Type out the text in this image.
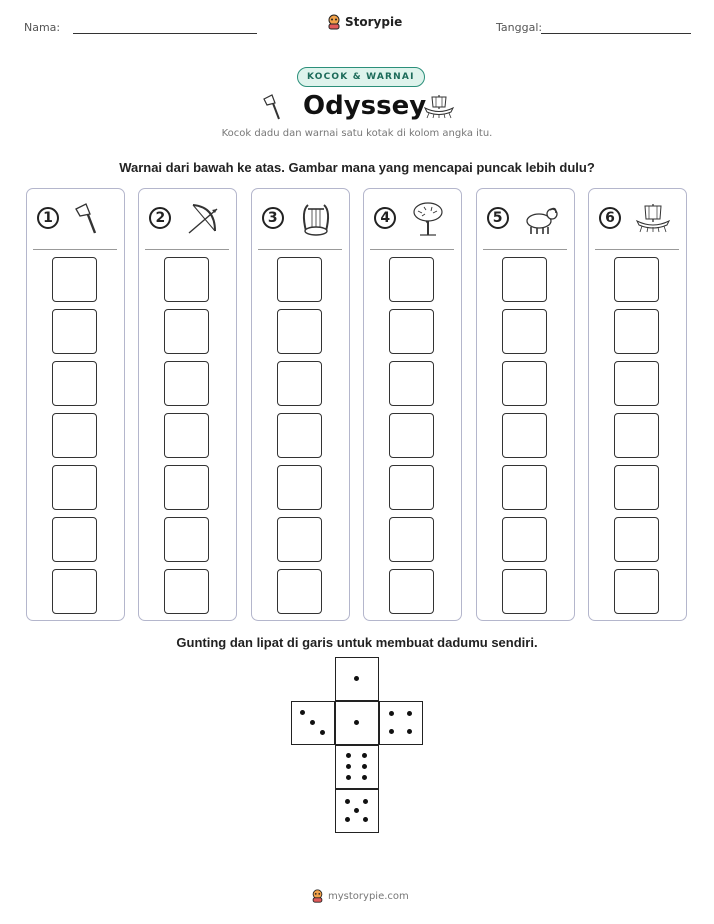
Nama:	Storypie	Tanggal:
KOCOK & WARNAI
Odyssey
Kocok dadu dan warnai satu kotak di kolom angka itu.
Warnai dari bawah ke atas. Gambar mana yang mencapai puncak lebih dulu?
1	2	3	4	5	6
Gunting dan lipat di garis untuk membuat dadumu sendiri.
mystorypie.com
